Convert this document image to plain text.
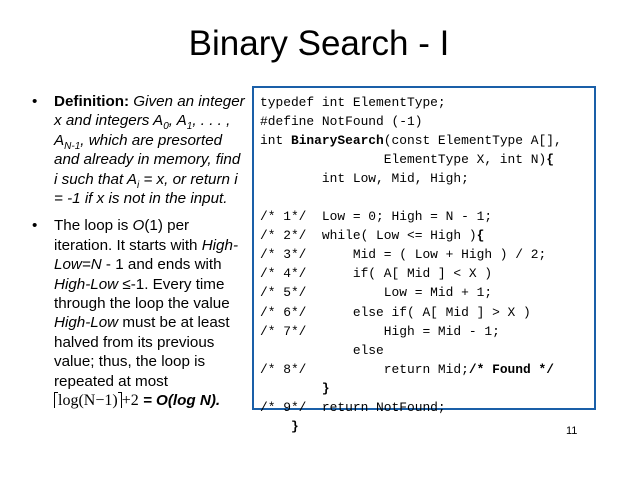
Binary Search - I
• Definition: Given an integer x and integers $A_0$, $A_1$, . . . , $A_{N-1}$, which are presorted and already in memory, find i such that $A_i = x$, or return i = -1 if x is not in the input.
• The loop is O(1) per iteration. It starts with High-Low=N - 1 and ends with High-Low ≤-1. Every time through the loop the value High-Low must be at least halved from its previous value; thus, the loop is repeated at most
log(N−1) +2 = O(log N).
typedef int ElementType;
#define NotFound (-1)
int BinarySearch(const ElementType A[],
ElementType X, int N){
int Low, Mid, High;

/* 1*/  Low = 0; High = N - 1;
/* 2*/  while( Low <= High ){
/* 3*/      Mid = ( Low + High ) / 2;
/* 4*/      if( A[ Mid ] < X )
/* 5*/          Low = Mid + 1;
/* 6*/      else if( A[ Mid ] > X )
/* 7*/          High = Mid - 1;
else
/* 8*/          return Mid;/* Found */
}
/* 9*/  return NotFound;
}	11
